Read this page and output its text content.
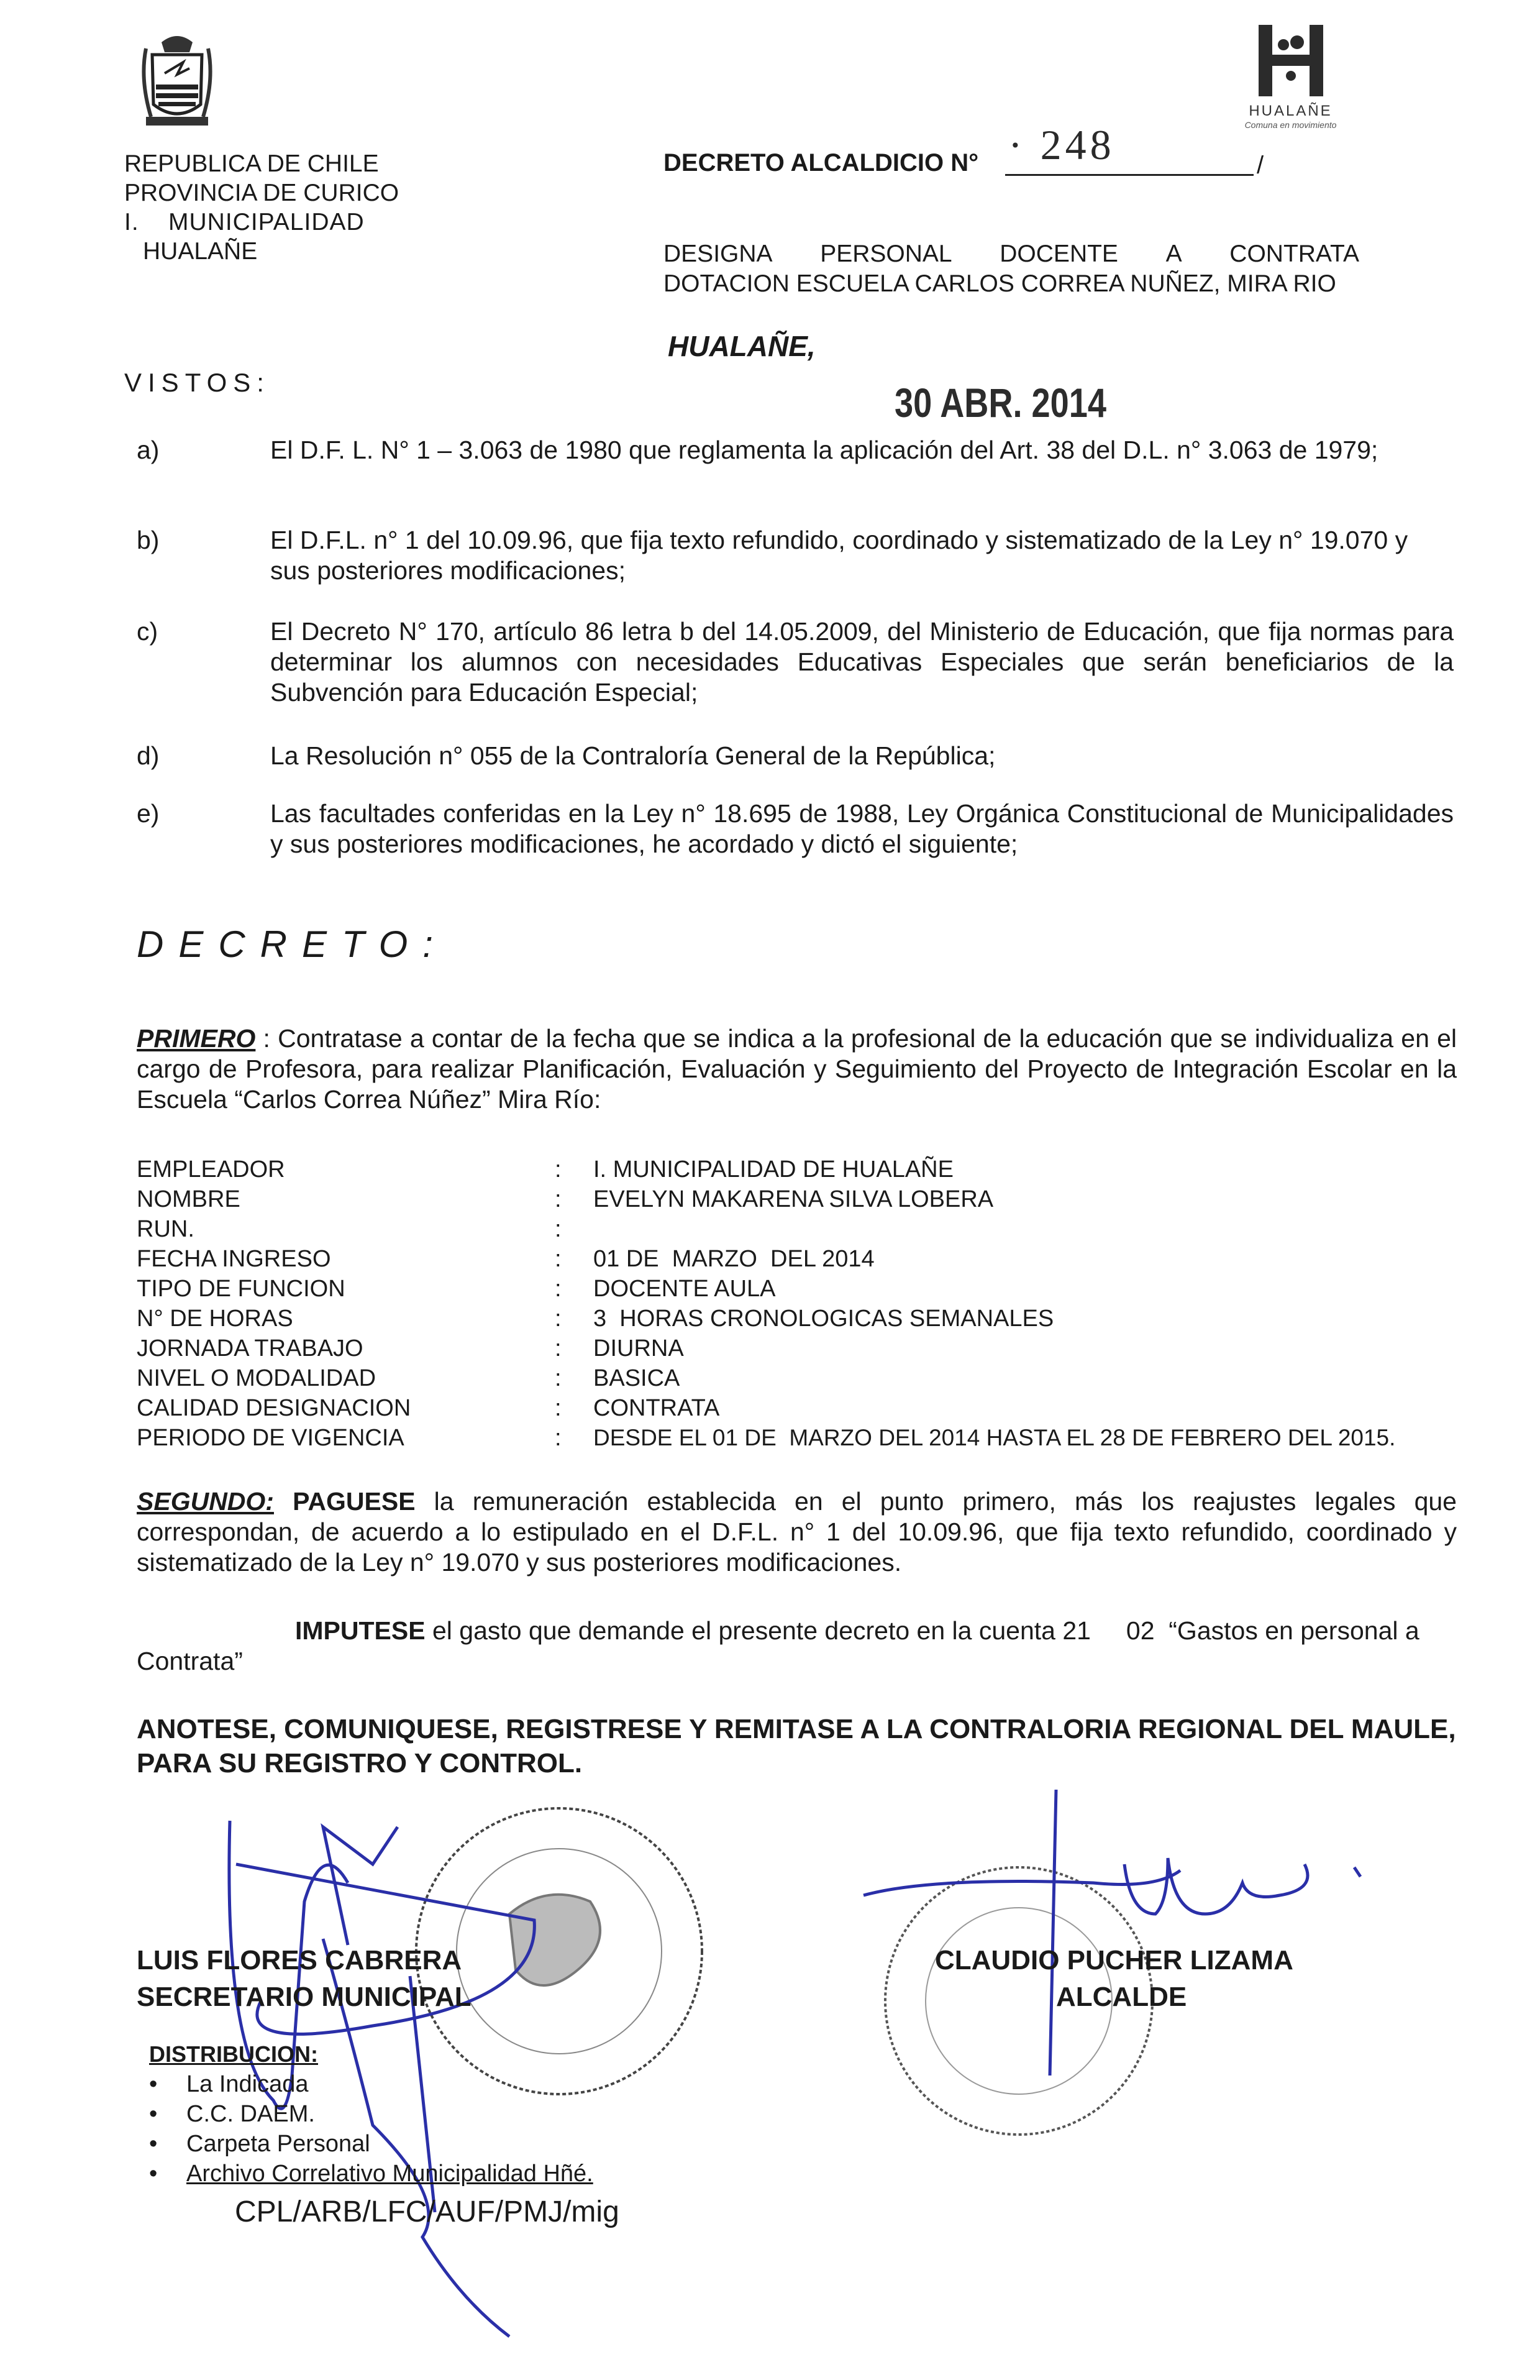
HUALAÑE
Comuna en movimiento
REPUBLICA DE CHILE
PROVINCIA DE CURICO
I.    MUNICIPALIDAD
HUALAÑE
DECRETO ALCALDICIO N° · 248	/
DESIGNA PERSONAL DOCENTE A CONTRATA
DOTACION ESCUELA CARLOS CORREA NUÑEZ, MIRA RIO
HUALAÑE,
30 ABR. 2014
VISTOS:
a)	El D.F. L. N° 1 – 3.063 de 1980 que reglamenta la aplicación del Art. 38 del D.L. n° 3.063 de 1979;
b)	El D.F.L. n° 1 del 10.09.96, que fija texto refundido, coordinado y sistematizado de la Ley n° 19.070 y sus posteriores modificaciones;
c)	El Decreto N° 170, artículo 86 letra b del 14.05.2009, del Ministerio de Educación, que fija normas para determinar los alumnos con necesidades Educativas Especiales que serán beneficiarios de la Subvención para Educación Especial;
d)	La Resolución n° 055 de la Contraloría General de la República;
e)	Las facultades conferidas en la Ley n° 18.695 de 1988, Ley Orgánica Constitucional de Municipalidades y sus posteriores modificaciones, he acordado y dictó el siguiente;
DECRETO:
PRIMERO : Contratase a contar de la fecha que se indica a la profesional de la educación que se individualiza en el cargo de Profesora, para realizar Planificación, Evaluación y Seguimiento del Proyecto de Integración Escolar en la Escuela “Carlos Correa Núñez” Mira Río:
EMPLEADOR	: I. MUNICIPALIDAD DE HUALAÑE
NOMBRE	: EVELYN MAKARENA SILVA LOBERA
RUN.	:
FECHA INGRESO	: 01 DE  MARZO  DEL 2014
TIPO DE FUNCION	: DOCENTE AULA
N° DE HORAS	: 3  HORAS CRONOLOGICAS SEMANALES
JORNADA TRABAJO	: DIURNA
NIVEL O MODALIDAD	: BASICA
CALIDAD DESIGNACION	: CONTRATA
PERIODO DE VIGENCIA	: DESDE EL 01 DE  MARZO DEL 2014 HASTA EL 28 DE FEBRERO DEL 2015.
SEGUNDO: PAGUESE la remuneración establecida en el punto primero, más los reajustes legales que correspondan, de acuerdo a lo estipulado en el D.F.L. n° 1 del 10.09.96, que fija texto refundido, coordinado y sistematizado de la Ley n° 19.070 y sus posteriores modificaciones.
IMPUTESE el gasto que demande el presente decreto en la cuenta 21     02  “Gastos en personal a Contrata”
ANOTESE, COMUNIQUESE, REGISTRESE Y REMITASE A LA CONTRALORIA REGIONAL DEL MAULE, PARA SU REGISTRO Y CONTROL.
LUIS FLORES CABRERA
SECRETARIO MUNICIPAL
CLAUDIO PUCHER LIZAMA
ALCALDE
DISTRIBUCION:
• La Indicada
• C.C. DAEM.
• Carpeta Personal
• Archivo Correlativo Municipalidad Hñé.
CPL/ARB/LFC/AUF/PMJ/mig
